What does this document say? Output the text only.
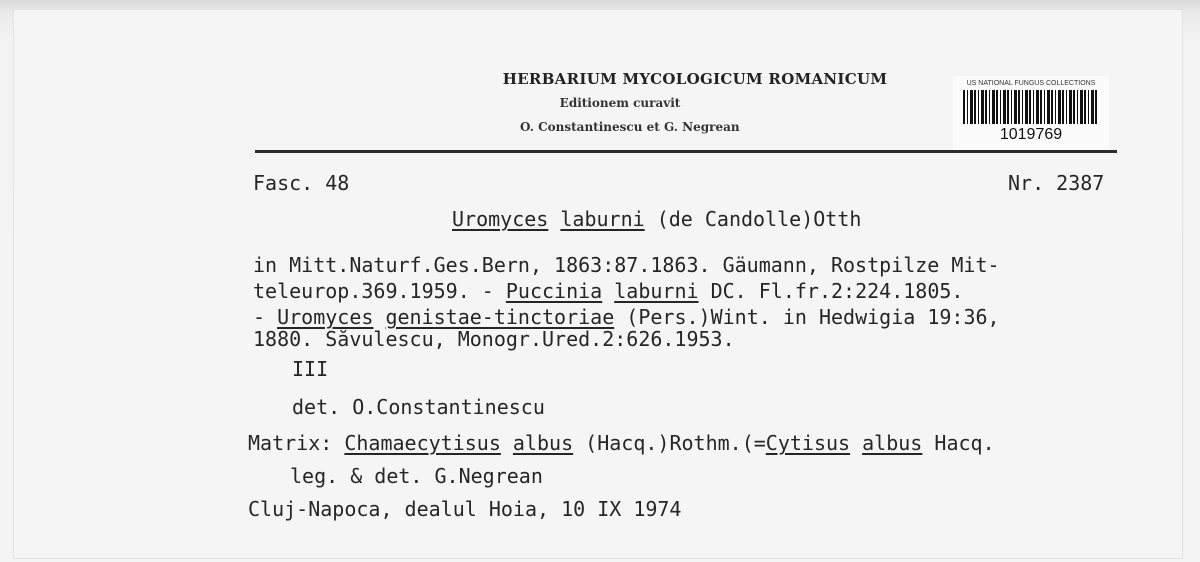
HERBARIUM MYCOLOGICUM ROMANICUM
Editionem curavit
O. Constantinescu et G. Negrean
US NATIONAL FUNGUS COLLECTIONS
1019769
Fasc. 48	Nr. 2387
Uromyces laburni (de Candolle)Otth
in Mitt.Naturf.Ges.Bern, 1863:87.1863. Gäumann, Rostpilze Mit-
teleurop.369.1959. - Puccinia laburni DC. Fl.fr.2:224.1805.
- Uromyces genistae-tinctoriae (Pers.)Wint. in Hedwigia 19:36,
1880. Săvulescu, Monogr.Ured.2:626.1953.
III
det. O.Constantinescu
Matrix: Chamaecytisus albus (Hacq.)Rothm.(=Cytisus albus Hacq.
leg. & det. G.Negrean
Cluj-Napoca, dealul Hoia, 10 IX 1974
